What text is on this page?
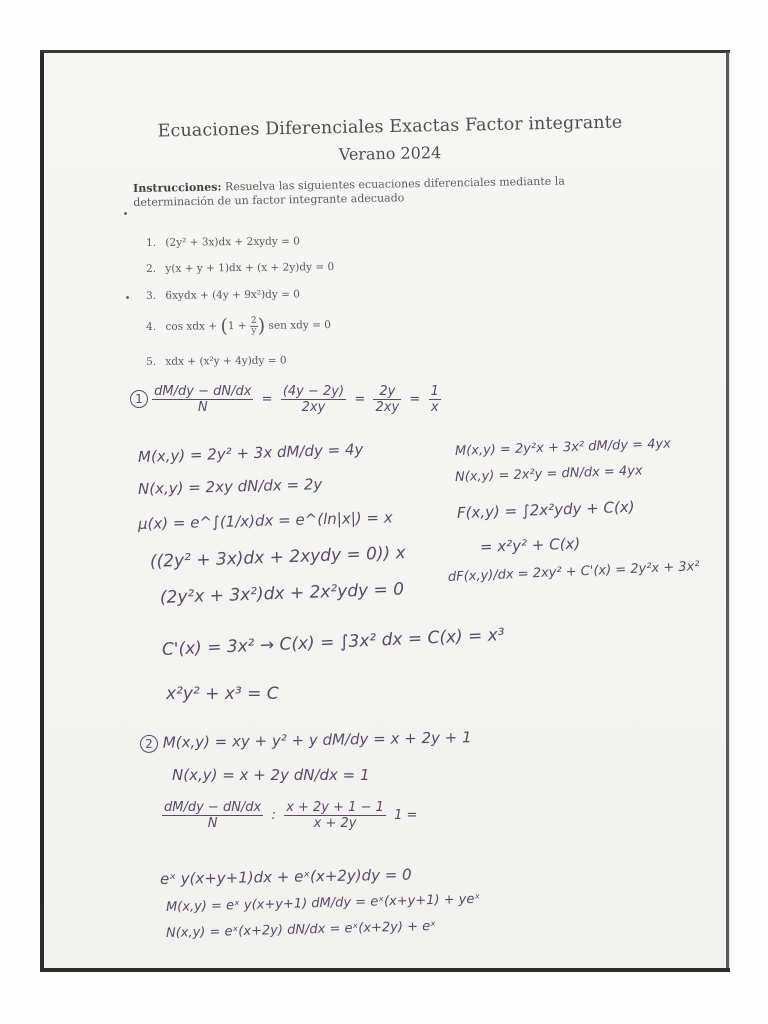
Ecuaciones Diferenciales Exactas Factor integrante
Verano 2024
Instrucciones: Resuelva las siguientes ecuaciones diferenciales mediante la determinación de un factor integrante adecuado
1. (2y² + 3x)dx + 2xydy = 0
2. y(x + y + 1)dx + (x + 2y)dy = 0
3. 6xydx + (4y + 9x²)dy = 0
4. cos xdx + ($1 + \frac{2}{y}$ ) sen xdy = 0
5. xdx + (x²y + 4y)dy = 0
$1 \frac{dM/dy - dN/dx}{N} = \frac{(4y - 2y)}{2xy} = \frac{2y}{2xy} = \frac{1}{x}$
M(x,y) = 2y² + 3x dM/dy = 4y
N(x,y) = 2xy dN/dx = 2y
μ(x) = e^∫(1/x)dx = e^(ln|x|) = x
((2y² + 3x)dx + 2xydy = 0)) x
(2y²x + 3x²)dx + 2x²ydy = 0
C'(x) = 3x² → C(x) = ∫3x² dx = C(x) = x³
x²y² + x³ = C
M(x,y) = 2y²x + 3x² dM/dy = 4yx
N(x,y) = 2x²y = dN/dx = 4yx
F(x,y) = ∫2x²ydy + C(x)
= x²y² + C(x)
dF(x,y)/dx = 2xy² + C'(x) = 2y²x + 3x²
2 M(x,y) = xy + y² + y dM/dy = x + 2y + 1
N(x,y) = x + 2y dN/dx = 1
$\frac{dM/dy - dN/dx}{N}$ : $\frac{x + 2y + 1 - 1}{x + 2y} 1$ =
eˣ y(x+y+1)dx + eˣ(x+2y)dy = 0
M(x,y) = eˣ y(x+y+1) dM/dy = eˣ(x+y+1) + yeˣ
N(x,y) = eˣ(x+2y) dN/dx = eˣ(x+2y) + eˣ
